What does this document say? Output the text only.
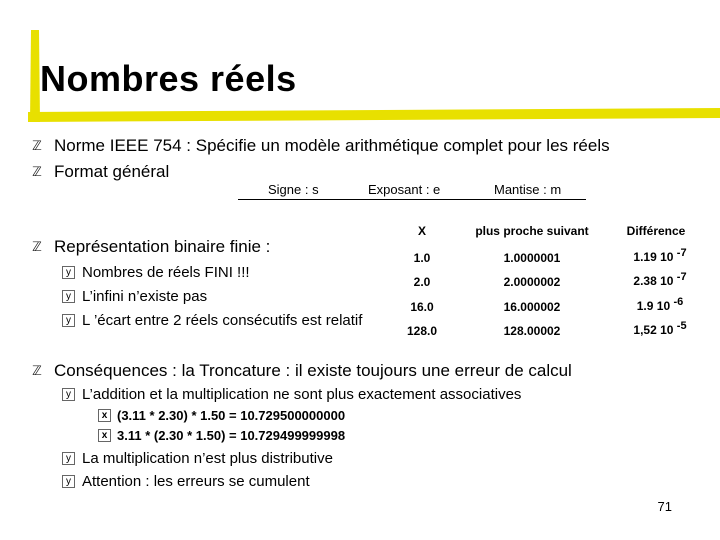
Nombres réels
ℤ Norme IEEE 754 : Spécifie un modèle arithmétique complet pour les réels
ℤ Format général
Signe : s	Exposant : e	Mantise : m
ℤ Représentation binaire finie :
y Nombres de réels FINI !!!
y L’infini n’existe pas
y L ’écart entre 2 réels consécutifs est relatif
X	plus proche suivant	Différence
1.0	1.0000001	1.19 10 $^{-7}$
2.0	2.0000002	2.38 10 $^{-7}$
16.0	16.000002	1.9 10 $^{-6}$
128.0	128.00002	1,52 10 $^{-5}$
ℤ Conséquences : la Troncature : il existe toujours une erreur de calcul
y L’addition et la multiplication ne sont plus exactement associatives
x (3.11 * 2.30) * 1.50 = 10.729500000000
x 3.11 * (2.30 * 1.50) = 10.729499999998
y La multiplication n’est plus distributive
y Attention : les erreurs se cumulent
71
